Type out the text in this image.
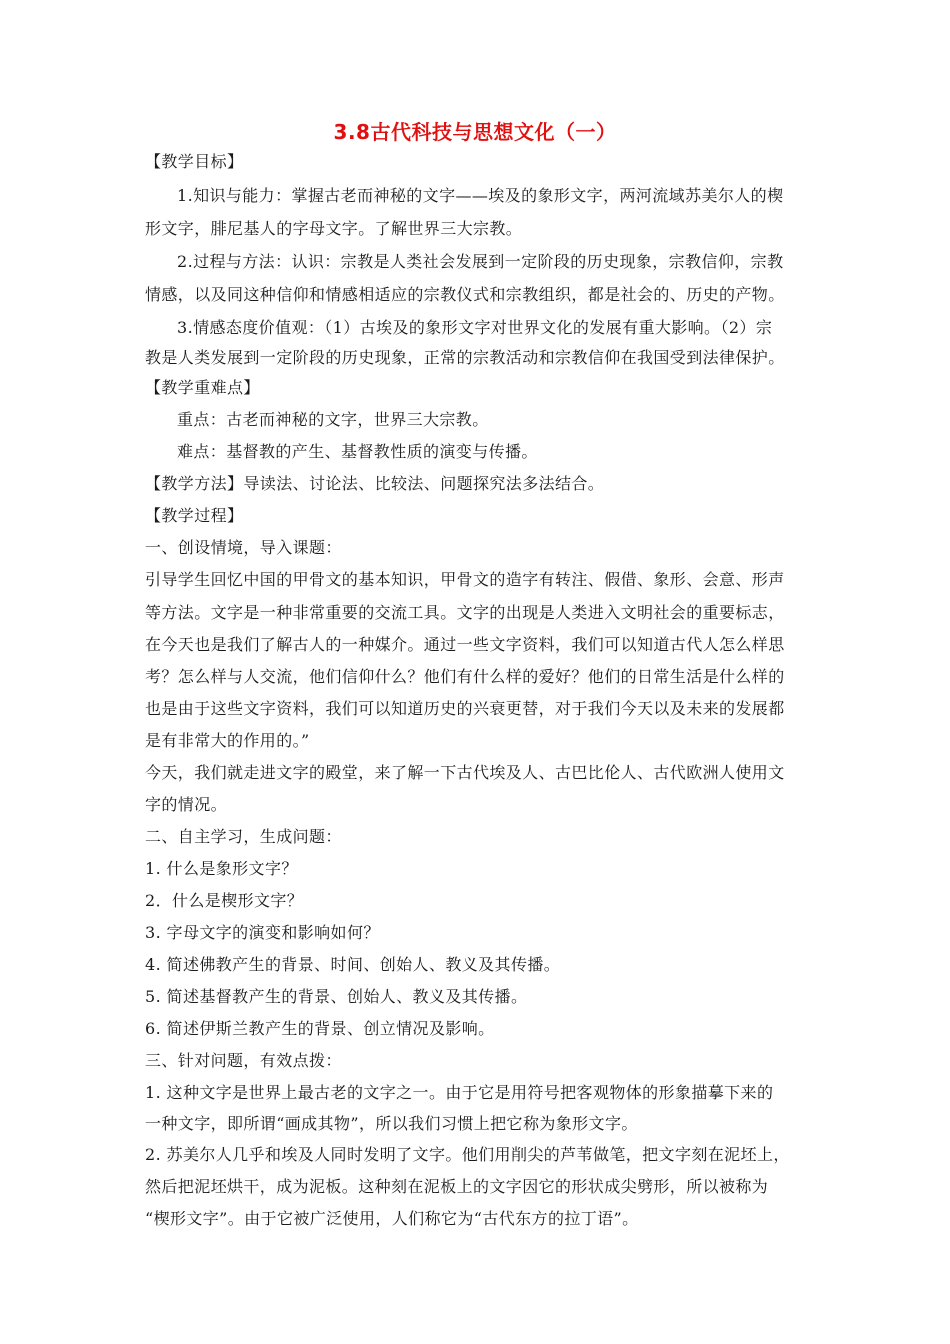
3.8古代科技与思想文化（一）
【教学目标】
1.知识与能力：掌握古老而神秘的文字——埃及的象形文字，两河流域苏美尔人的楔
形文字，腓尼基人的字母文字。了解世界三大宗教。
2.过程与方法：认识：宗教是人类社会发展到一定阶段的历史现象，宗教信仰，宗教
情感，以及同这种信仰和情感相适应的宗教仪式和宗教组织，都是社会的、历史的产物。
3.情感态度价值观：（1）古埃及的象形文字对世界文化的发展有重大影响。（2）宗
教是人类发展到一定阶段的历史现象，正常的宗教活动和宗教信仰在我国受到法律保护。
【教学重难点】
重点：古老而神秘的文字，世界三大宗教。
难点：基督教的产生、基督教性质的演变与传播。
【教学方法】导读法、讨论法、比较法、问题探究法多法结合。
【教学过程】
一、创设情境，导入课题：
引导学生回忆中国的甲骨文的基本知识，甲骨文的造字有转注、假借、象形、会意、形声
等方法。文字是一种非常重要的交流工具。文字的出现是人类进入文明社会的重要标志，
在今天也是我们了解古人的一种媒介。通过一些文字资料，我们可以知道古代人怎么样思
考？怎么样与人交流，他们信仰什么？他们有什么样的爱好？他们的日常生活是什么样的
也是由于这些文字资料，我们可以知道历史的兴衰更替，对于我们今天以及未来的发展都
是有非常大的作用的。”
今天，我们就走进文字的殿堂，来了解一下古代埃及人、古巴比伦人、古代欧洲人使用文
字的情况。
二、自主学习，生成问题：
1. 什么是象形文字？
2．什么是楔形文字？
3. 字母文字的演变和影响如何？
4. 简述佛教产生的背景、时间、创始人、教义及其传播。
5. 简述基督教产生的背景、创始人、教义及其传播。
6. 简述伊斯兰教产生的背景、创立情况及影响。
三、针对问题，有效点拨：
1. 这种文字是世界上最古老的文字之一。由于它是用符号把客观物体的形象描摹下来的
一种文字，即所谓“画成其物”，所以我们习惯上把它称为象形文字。
2. 苏美尔人几乎和埃及人同时发明了文字。他们用削尖的芦苇做笔，把文字刻在泥坯上，
然后把泥坯烘干，成为泥板。这种刻在泥板上的文字因它的形状成尖劈形，所以被称为
“楔形文字”。由于它被广泛使用，人们称它为“古代东方的拉丁语”。
